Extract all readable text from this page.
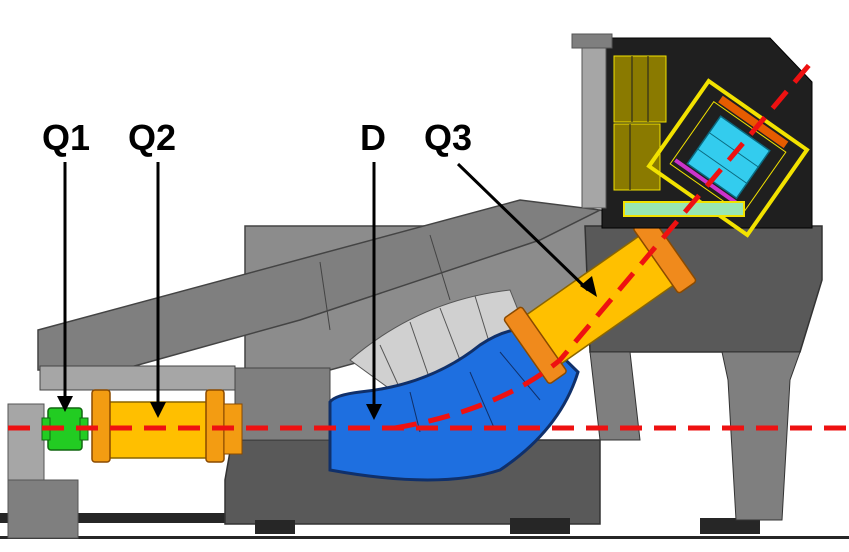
Q1 Q2	D Q3
